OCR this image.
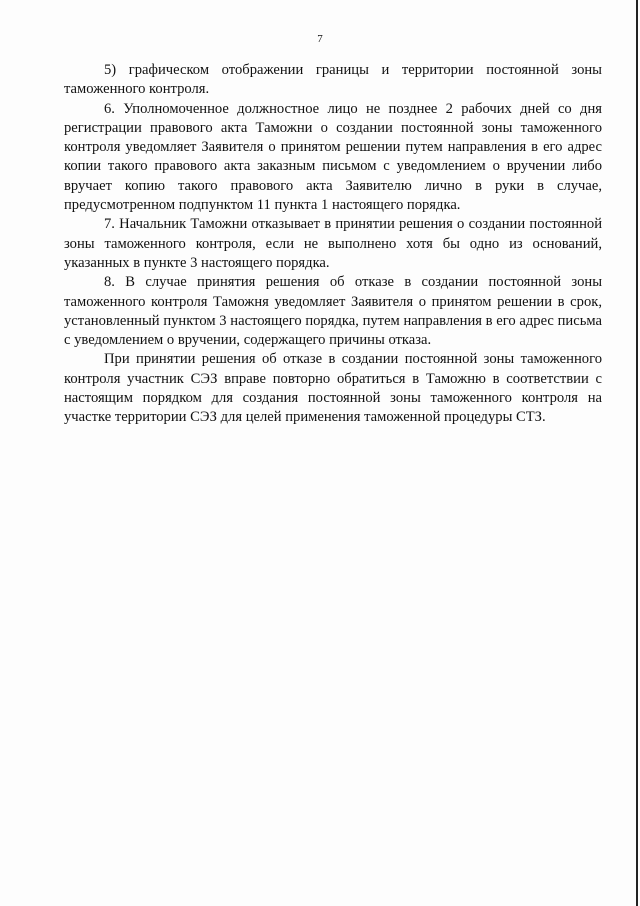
7

5) графическом отображении границы и территории постоянной зоны таможенного контроля.

6. Уполномоченное должностное лицо не позднее 2 рабочих дней со дня регистрации правового акта Таможни о создании постоянной зоны таможенного контроля уведомляет Заявителя о принятом решении путем направления в его адрес копии такого правового акта заказным письмом с уведомлением о вручении либо вручает копию такого правового акта Заявителю лично в руки в случае, предусмотренном подпунктом 11 пункта 1 настоящего порядка.

7. Начальник Таможни отказывает в принятии решения о создании постоянной зоны таможенного контроля, если не выполнено хотя бы одно из оснований, указанных в пункте 3 настоящего порядка.

8. В случае принятия решения об отказе в создании постоянной зоны таможенного контроля Таможня уведомляет Заявителя о принятом решении в срок, установленный пунктом 3 настоящего порядка, путем направления в его адрес письма с уведомлением о вручении, содержащего причины отказа.

При принятии решения об отказе в создании постоянной зоны таможенного контроля участник СЭЗ вправе повторно обратиться в Таможню в соответствии с настоящим порядком для создания постоянной зоны таможенного контроля на участке территории СЭЗ для целей применения таможенной процедуры СТЗ.
